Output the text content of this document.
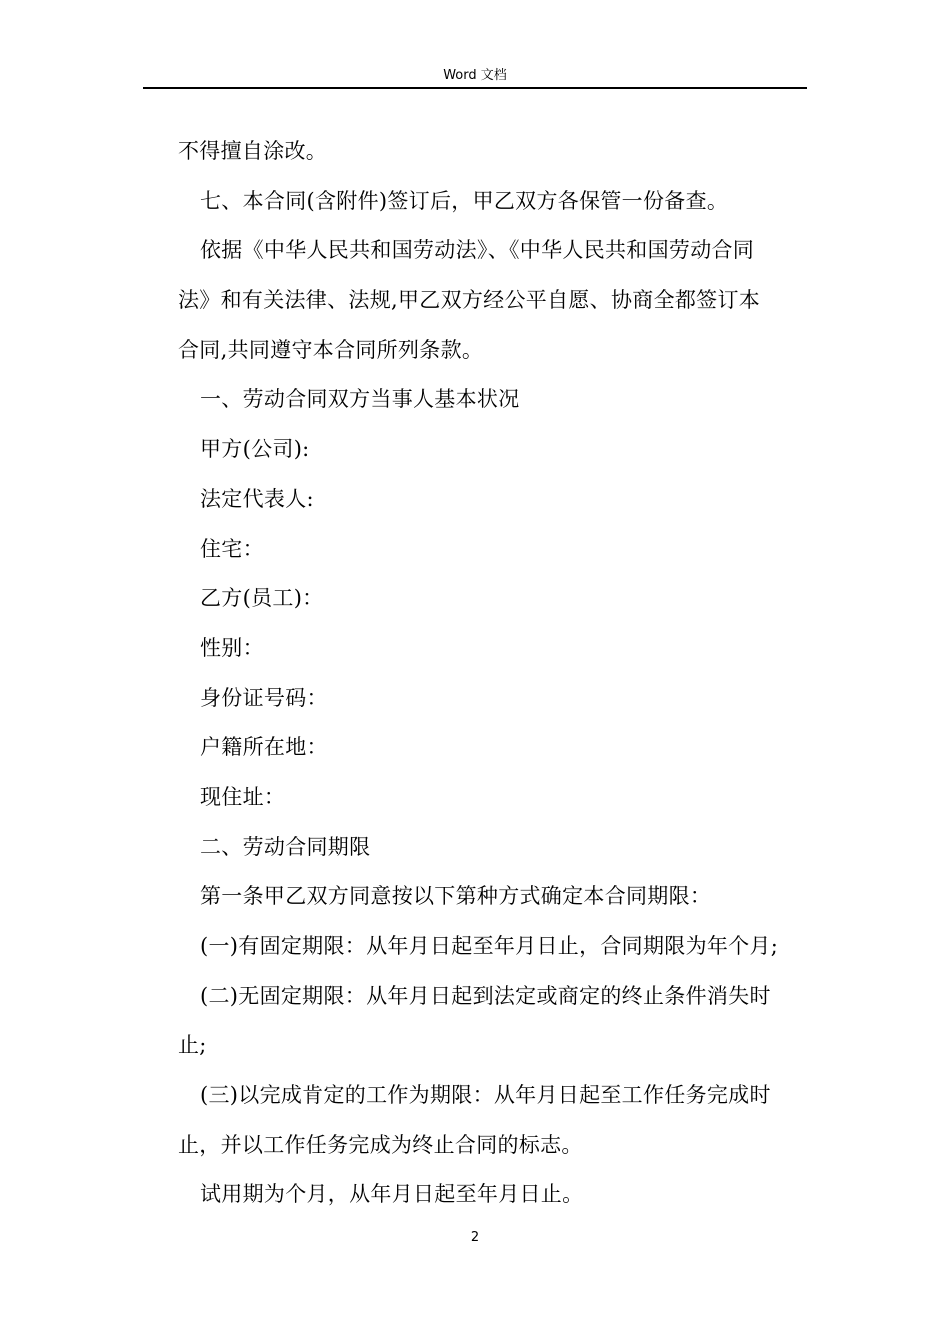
Word 文档
不得擅自涂改。
七、本合同(含附件)签订后，甲乙双方各保管一份备查。
依据《中华人民共和国劳动法》、《中华人民共和国劳动合同
法》和有关法律、法规,甲乙双方经公平自愿、协商全都签订本
合同,共同遵守本合同所列条款。
一、劳动合同双方当事人基本状况
甲方(公司):
法定代表人:
住宅：
乙方(员工)：
性别：
身份证号码：
户籍所在地：
现住址：
二、劳动合同期限
第一条甲乙双方同意按以下第种方式确定本合同期限：
(一)有固定期限：从年月日起至年月日止，合同期限为年个月;
(二)无固定期限：从年月日起到法定或商定的终止条件消失时
止;
(三)以完成肯定的工作为期限：从年月日起至工作任务完成时
止，并以工作任务完成为终止合同的标志。
试用期为个月，从年月日起至年月日止。
2
